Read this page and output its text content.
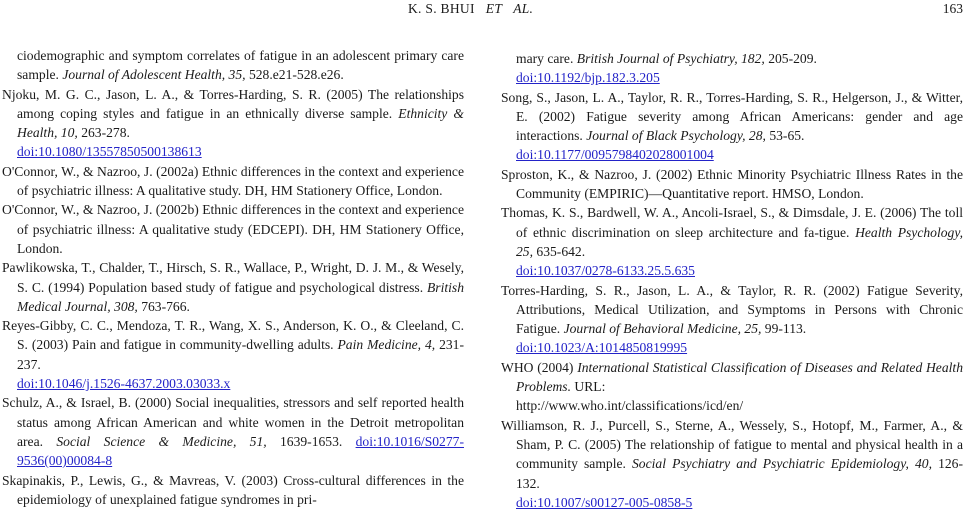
K. S. BHUI ET AL.	163

ciodemographic and symptom correlates of fatigue in an adolescent primary care sample. Journal of Adolescent Health, 35, 528.e21-528.e26.

Njoku, M. G. C., Jason, L. A., & Torres-Harding, S. R. (2005) The relationships among coping styles and fatigue in an ethnically diverse sample. Ethnicity & Health, 10, 263-278.
doi:10.1080/13557850500138613

O'Connor, W., & Nazroo, J. (2002a) Ethnic differences in the context and experience of psychiatric illness: A qualitative study. DH, HM Stationery Office, London.

O'Connor, W., & Nazroo, J. (2002b) Ethnic differences in the context and experience of psychiatric illness: A qualitative study (EDCEPI). DH, HM Stationery Office, London.

Pawlikowska, T., Chalder, T., Hirsch, S. R., Wallace, P., Wright, D. J. M., & Wesely, S. C. (1994) Population based study of fatigue and psychological distress. British Medical Journal, 308, 763-766.

Reyes-Gibby, C. C., Mendoza, T. R., Wang, X. S., Anderson, K. O., & Cleeland, C. S. (2003) Pain and fatigue in community-dwelling adults. Pain Medicine, 4, 231-237.
doi:10.1046/j.1526-4637.2003.03033.x

Schulz, A., & Israel, B. (2000) Social inequalities, stressors and self reported health status among African American and white women in the Detroit metropolitan area. Social Science & Medicine, 51, 1639-1653. doi:10.1016/S0277-9536(00)00084-8

Skapinakis, P., Lewis, G., & Mavreas, V. (2003) Cross-cultural differences in the epidemiology of unexplained fatigue syndromes in pri-

mary care. British Journal of Psychiatry, 182, 205-209.
doi:10.1192/bjp.182.3.205

Song, S., Jason, L. A., Taylor, R. R., Torres-Harding, S. R., Helgerson, J., & Witter, E. (2002) Fatigue severity among African Americans: gender and age interactions. Journal of Black Psychology, 28, 53-65.
doi:10.1177/0095798402028001004

Sproston, K., & Nazroo, J. (2002) Ethnic Minority Psychiatric Illness Rates in the Community (EMPIRIC)—Quantitative report. HMSO, London.

Thomas, K. S., Bardwell, W. A., Ancoli-Israel, S., & Dimsdale, J. E. (2006) The toll of ethnic discrimination on sleep architecture and fa-tigue. Health Psychology, 25, 635-642.
doi:10.1037/0278-6133.25.5.635

Torres-Harding, S. R., Jason, L. A., & Taylor, R. R. (2002) Fatigue Severity, Attributions, Medical Utilization, and Symptoms in Persons with Chronic Fatigue. Journal of Behavioral Medicine, 25, 99-113.
doi:10.1023/A:1014850819995

WHO (2004) International Statistical Classification of Diseases and Related Health Problems. URL:
http://www.who.int/classifications/icd/en/

Williamson, R. J., Purcell, S., Sterne, A., Wessely, S., Hotopf, M., Farmer, A., & Sham, P. C. (2005) The relationship of fatigue to mental and physical health in a community sample. Social Psychiatry and Psychiatric Epidemiology, 40, 126-132.
doi:10.1007/s00127-005-0858-5
